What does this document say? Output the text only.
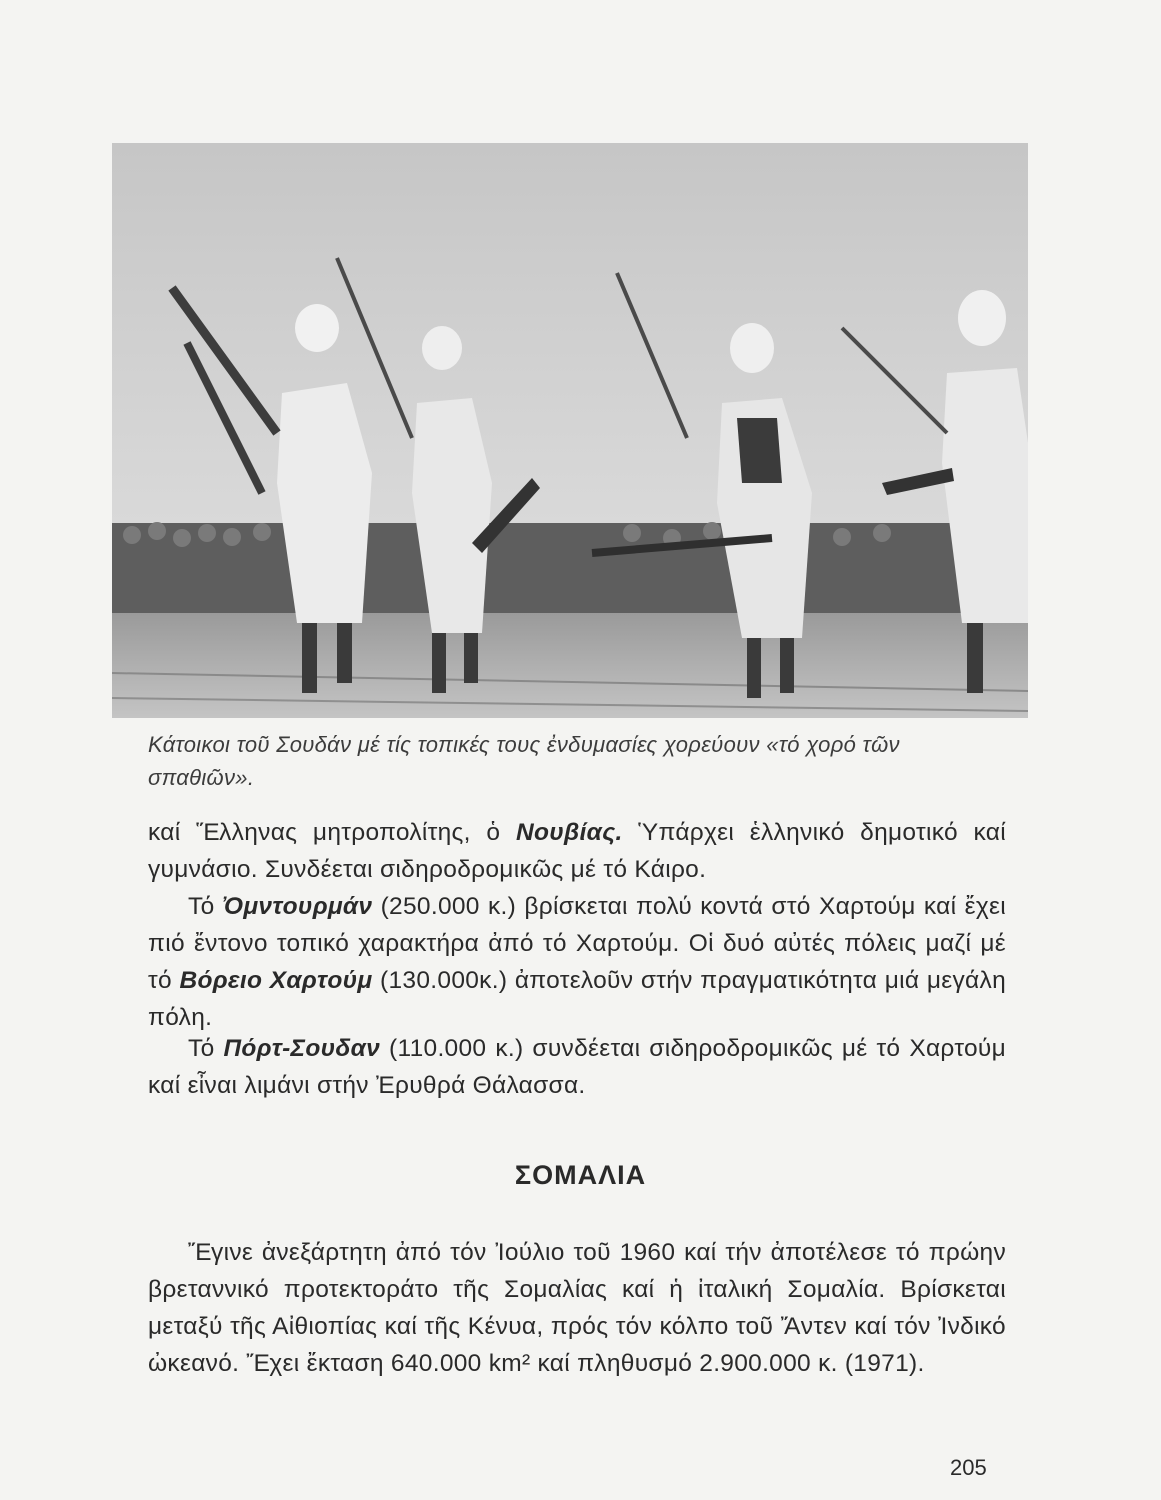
Κάτοικοι τοῦ Σουδάν μέ τίς τοπικές τους ἐνδυμασίες χορεύουν «τό χορό τῶν σπαθιῶν».

καί Ἕλληνας μητροπολίτης, ὁ Νουβίας. Ὑπάρχει ἑλληνικό δημοτικό καί γυμνάσιο. Συνδέεται σιδηροδρομικῶς μέ τό Κάιρο.
Τό Ὀμντουρμάν (250.000 κ.) βρίσκεται πολύ κοντά στό Χαρτούμ καί ἔχει πιό ἔντονο τοπικό χαρακτήρα ἀπό τό Χαρτούμ. Οἱ δυό αὐτές πόλεις μαζί μέ τό Βόρειο Χαρτούμ (130.000κ.) ἀποτελοῦν στήν πραγματικότητα μιά μεγάλη πόλη.

Τό Πόρτ-Σουδαν (110.000 κ.) συνδέεται σιδηροδρομικῶς μέ τό Χαρτούμ καί εἶναι λιμάνι στήν Ἐρυθρά Θάλασσα.

ΣΟΜΑΛΙΑ

Ἔγινε ἀνεξάρτητη ἀπό τόν Ἰούλιο τοῦ 1960 καί τήν ἀποτέλεσε τό πρώην βρεταννικό προτεκτοράτο τῆς Σομαλίας καί ἡ ἰταλική Σομαλία. Βρίσκεται μεταξύ τῆς Αἰθιοπίας καί τῆς Κένυα, πρός τόν κόλπο τοῦ Ἄντεν καί τόν Ἰνδικό ὠκεανό. Ἔχει ἔκταση 640.000 km² καί πληθυσμό 2.900.000 κ. (1971).

205
